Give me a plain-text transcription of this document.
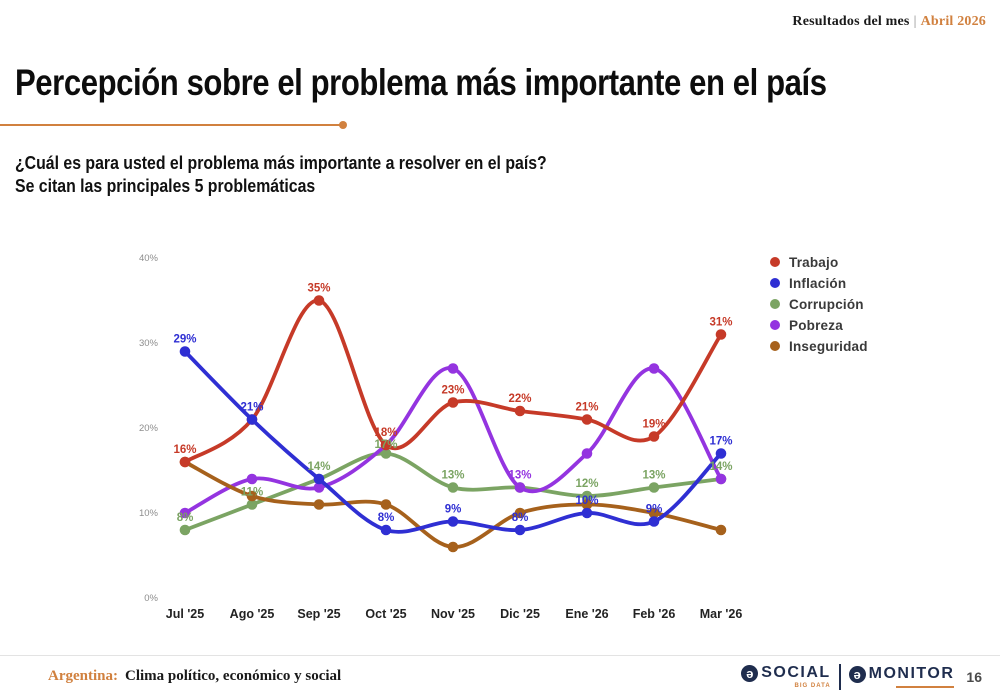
Resultados del mes | Abril 2026
Percepción sobre el problema más importante en el país
¿Cuál es para usted el problema más importante a resolver en el país?
Se citan las principales 5 problemáticas
0%
10%
20%
30%
40%
Jul '25 Ago '25 Sep '25 Oct '25 Nov '25 Dic '25 Ene '26 Feb '26 Mar '26
29%
16%
8%
21%
11%
35%
14%
18%
17%
8%
23%
13%
9%
22%
13%
8%
21%
12%
10%
19%
13%
9%
31%
17%
14%
Trabajo
Inflación
Corrupción
Pobreza
Inseguridad
Argentina: Clima político, económico y social	ə SOCIAL
BIG DATA
ə MONITOR 16
